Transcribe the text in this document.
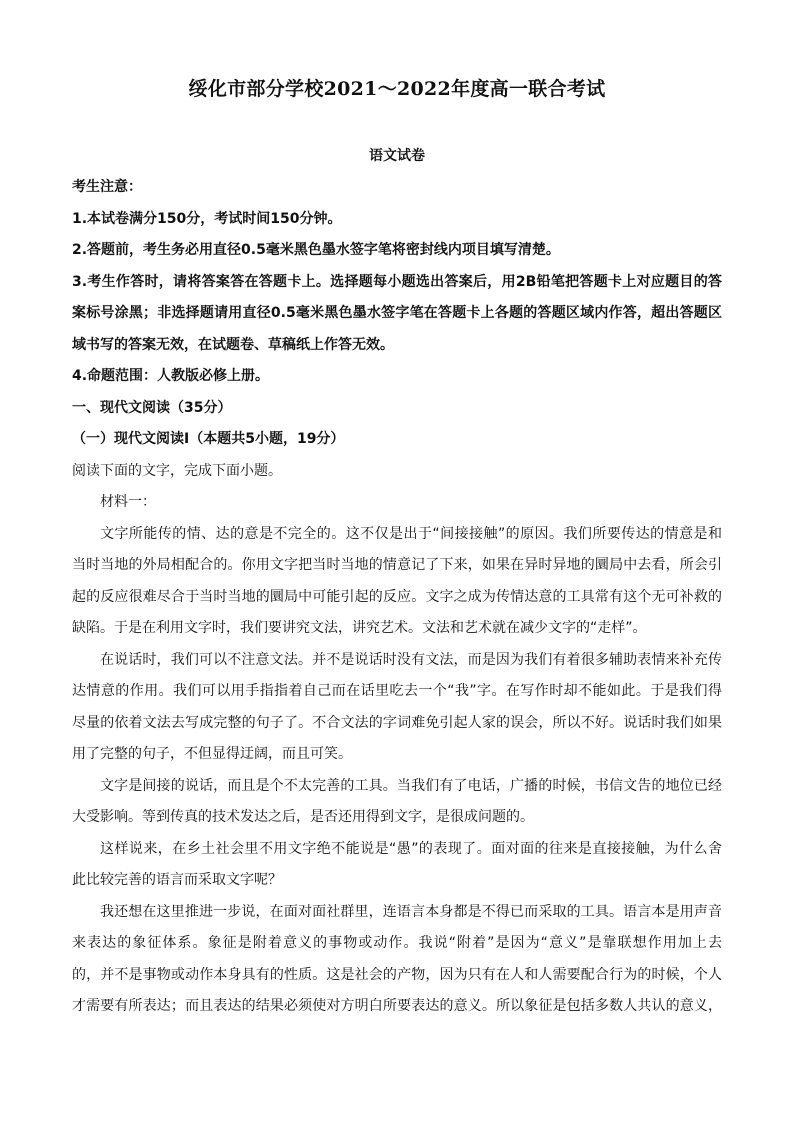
绥化市部分学校2021～2022年度高一联合考试
语文试卷
考生注意：
1.本试卷满分150分，考试时间150分钟。
2.答题前，考生务必用直径0.5毫米黑色墨水签字笔将密封线内项目填写清楚。
3.考生作答时，请将答案答在答题卡上。选择题每小题选出答案后，用2B铅笔把答题卡上对应题目的答
案标号涂黑；非选择题请用直径0.5毫米黑色墨水签字笔在答题卡上各题的答题区域内作答，超出答题区
域书写的答案无效，在试题卷、草稿纸上作答无效。
4.命题范围：人教版必修上册。
一、现代文阅读（35分）
（一）现代文阅读Ⅰ（本题共5小题，19分）
阅读下面的文字，完成下面小题。
材料一：
文字所能传的情、达的意是不完全的。这不仅是出于“间接接触”的原因。我们所要传达的情意是和
当时当地的外局相配合的。你用文字把当时当地的情意记了下来，如果在异时异地的圜局中去看，所会引
起的反应很难尽合于当时当地的圜局中可能引起的反应。文字之成为传情达意的工具常有这个无可补救的
缺陷。于是在利用文字时，我们要讲究文法，讲究艺术。文法和艺术就在减少文字的“走样”。
在说话时，我们可以不注意文法。并不是说话时没有文法，而是因为我们有着很多辅助表情来补充传
达情意的作用。我们可以用手指指着自己而在话里吃去一个“我”字。在写作时却不能如此。于是我们得
尽量的依着文法去写成完整的句子了。不合文法的字词难免引起人家的误会，所以不好。说话时我们如果
用了完整的句子，不但显得迂阔，而且可笑。
文字是间接的说话，而且是个不太完善的工具。当我们有了电话，广播的时候，书信文告的地位已经
大受影响。等到传真的技术发达之后，是否还用得到文字，是很成问题的。
这样说来，在乡土社会里不用文字绝不能说是“愚”的表现了。面对面的往来是直接接触，为什么舍
此比较完善的语言而采取文字呢？
我还想在这里推进一步说，在面对面社群里，连语言本身都是不得已而采取的工具。语言本是用声音
来表达的象征体系。象征是附着意义的事物或动作。我说“附着”是因为“意义”是靠联想作用加上去
的，并不是事物或动作本身具有的性质。这是社会的产物，因为只有在人和人需要配合行为的时候，个人
才需要有所表达；而且表达的结果必须使对方明白所要表达的意义。所以象征是包括多数人共认的意义，
